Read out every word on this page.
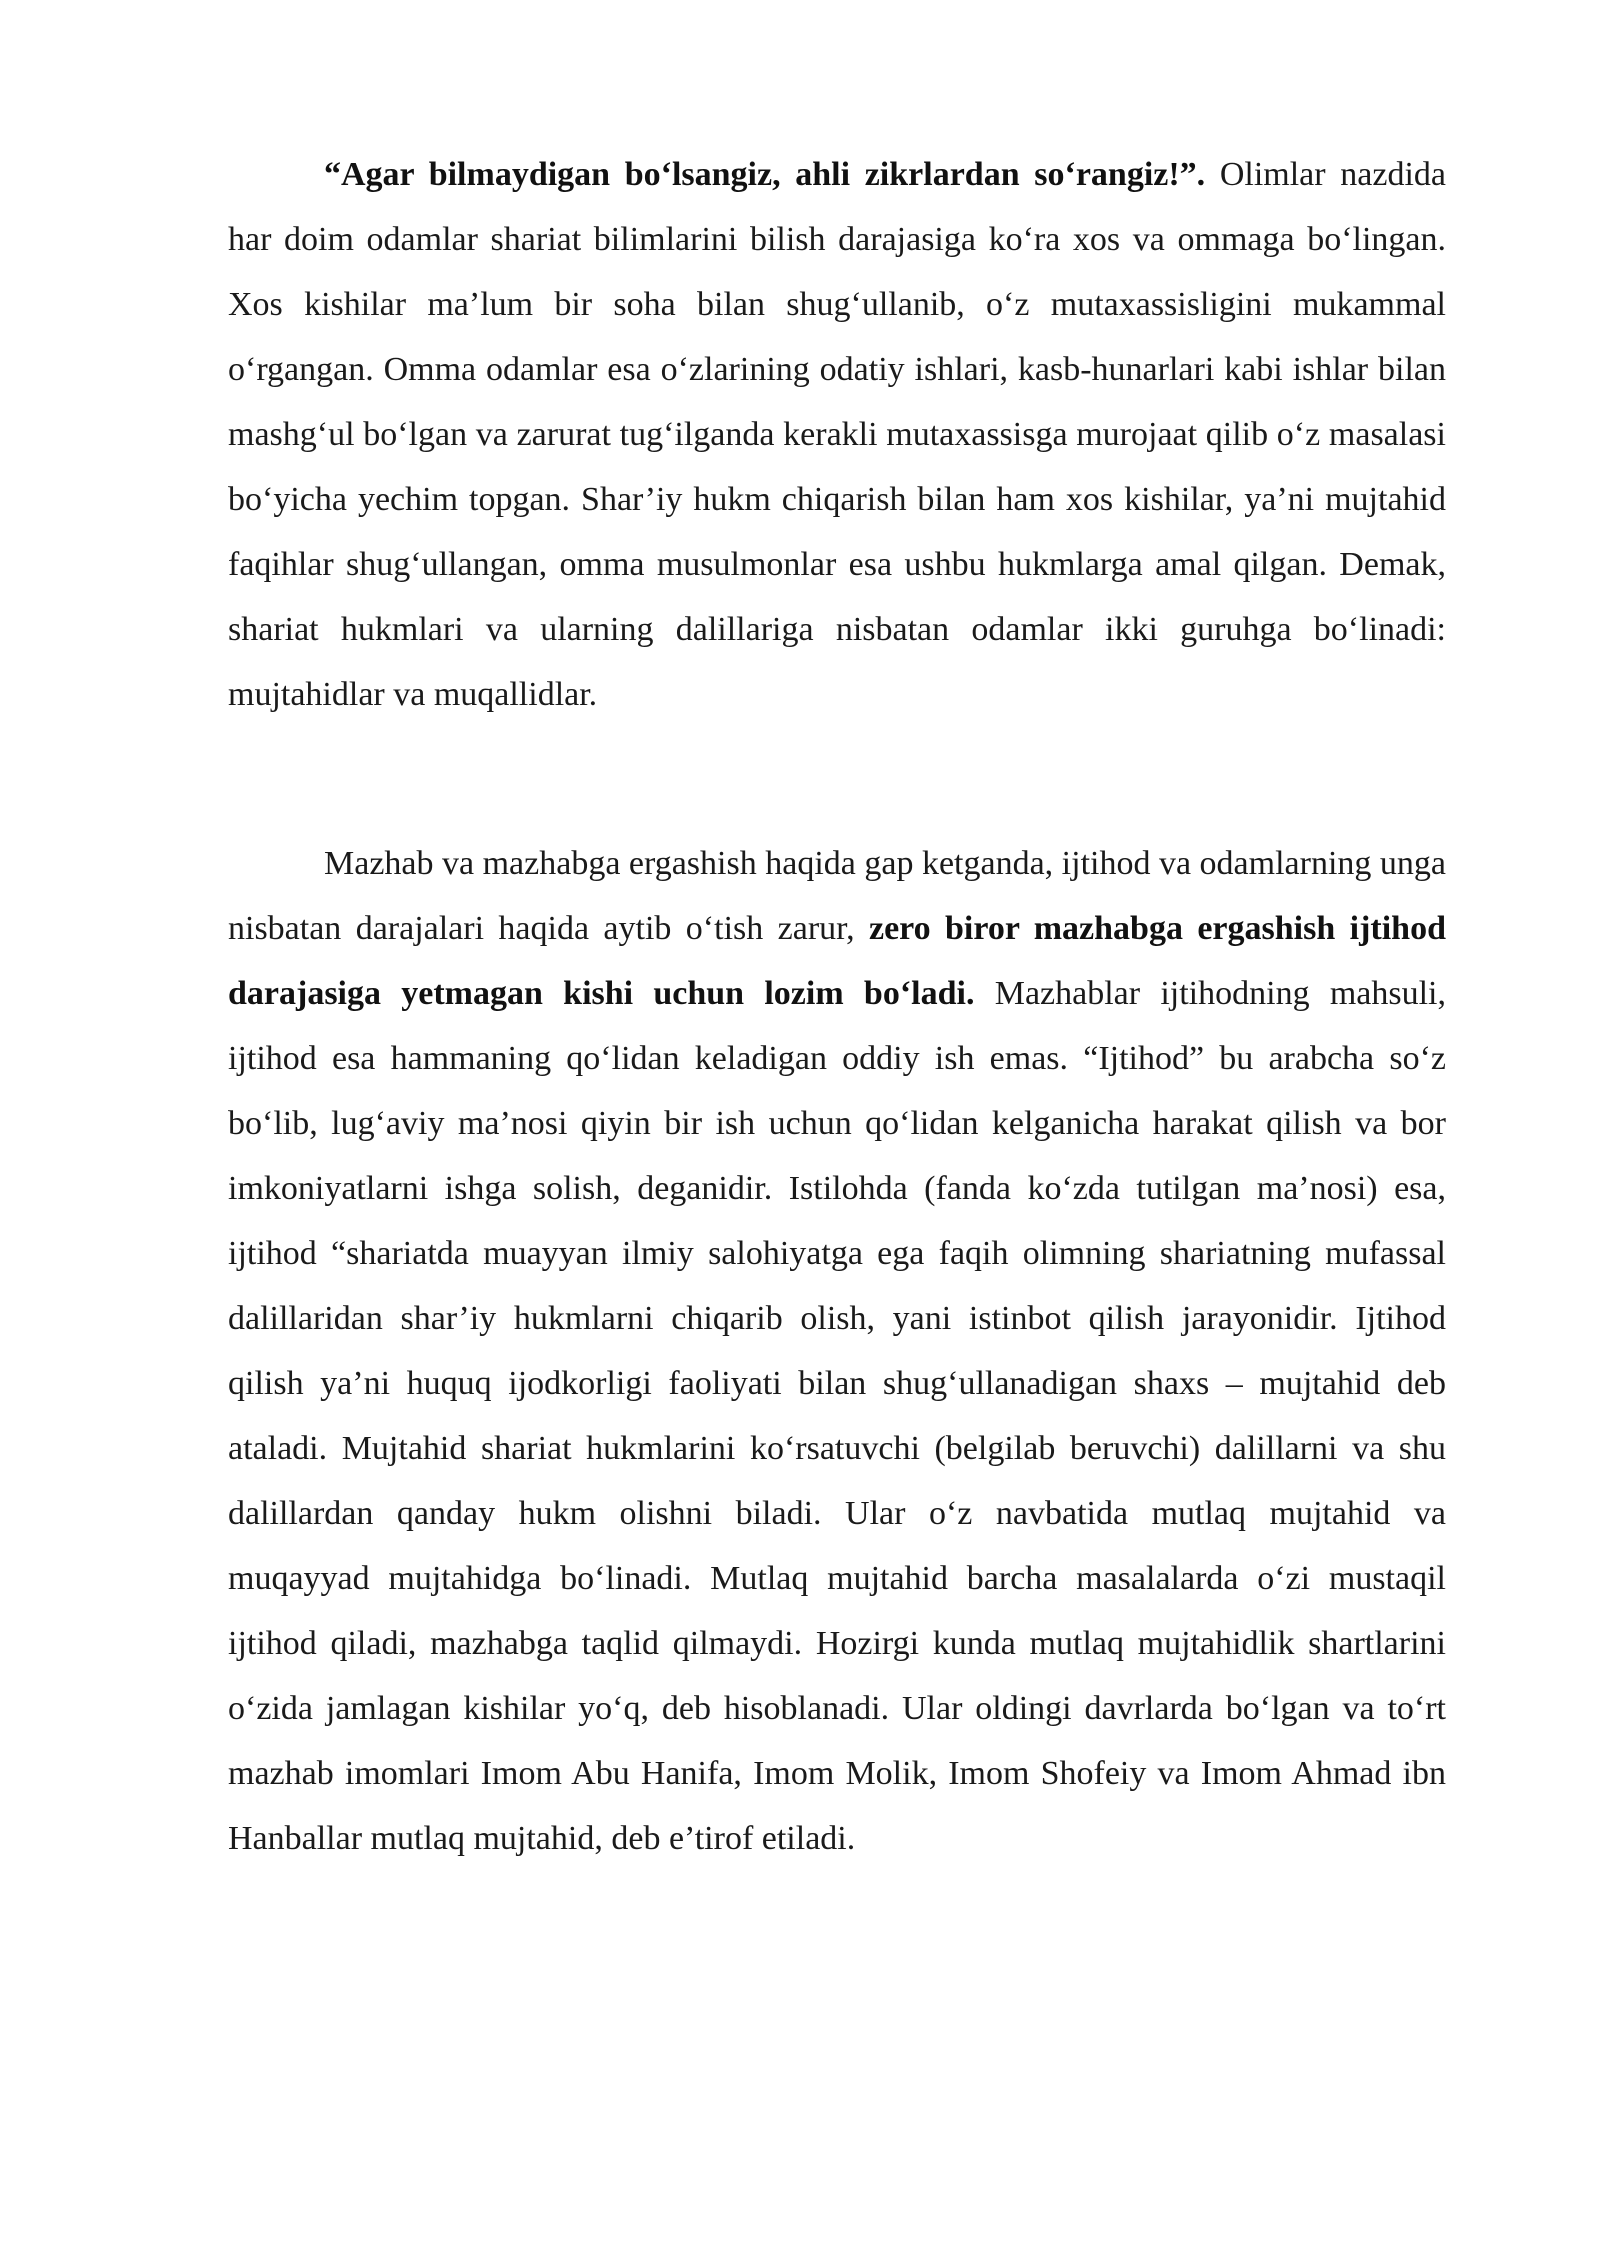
“Agar bilmaydigan bo‘lsangiz, ahli zikrlardan so‘rangiz!”. Olimlar nazdida har doim odamlar shariat bilimlarini bilish darajasiga ko‘ra xos va ommaga bo‘lingan. Xos kishilar ma’lum bir soha bilan shug‘ullanib, o‘z mutaxassisligini mukammal o‘rgangan. Omma odamlar esa o‘zlarining odatiy ishlari, kasb-hunarlari kabi ishlar bilan mashg‘ul bo‘lgan va zarurat tug‘ilganda kerakli mutaxassisga murojaat qilib o‘z masalasi bo‘yicha yechim topgan. Shar’iy hukm chiqarish bilan ham xos kishilar, ya’ni mujtahid faqihlar shug‘ullangan, omma musulmonlar esa ushbu hukmlarga amal qilgan. Demak, shariat hukmlari va ularning dalillariga nisbatan odamlar ikki guruhga bo‘linadi: mujtahidlar va muqallidlar.

Mazhab va mazhabga ergashish haqida gap ketganda, ijtihod va odamlarning unga nisbatan darajalari haqida aytib o‘tish zarur, zero biror mazhabga ergashish ijtihod darajasiga yetmagan kishi uchun lozim bo‘ladi. Mazhablar ijtihodning mahsuli, ijtihod esa hammaning qo‘lidan keladigan oddiy ish emas. “Ijtihod” bu arabcha so‘z bo‘lib, lug‘aviy ma’nosi qiyin bir ish uchun qo‘lidan kelganicha harakat qilish va bor imkoniyatlarni ishga solish, deganidir. Istilohda (fanda ko‘zda tutilgan ma’nosi) esa, ijtihod “shariatda muayyan ilmiy salohiyatga ega faqih olimning shariatning mufassal dalillaridan shar’iy hukmlarni chiqarib olish, yani istinbot qilish jarayonidir. Ijtihod qilish ya’ni huquq ijodkorligi faoliyati bilan shug‘ullanadigan shaxs – mujtahid deb ataladi. Mujtahid shariat hukmlarini ko‘rsatuvchi (belgilab beruvchi) dalillarni va shu dalillardan qanday hukm olishni biladi. Ular o‘z navbatida mutlaq mujtahid va muqayyad mujtahidga bo‘linadi. Mutlaq mujtahid barcha masalalarda o‘zi mustaqil ijtihod qiladi, mazhabga taqlid qilmaydi. Hozirgi kunda mutlaq mujtahidlik shartlarini o‘zida jamlagan kishilar yo‘q, deb hisoblanadi. Ular oldingi davrlarda bo‘lgan va to‘rt mazhab imomlari Imom Abu Hanifa, Imom Molik, Imom Shofeiy va Imom Ahmad ibn Hanballar mutlaq mujtahid, deb e’tirof etiladi.
